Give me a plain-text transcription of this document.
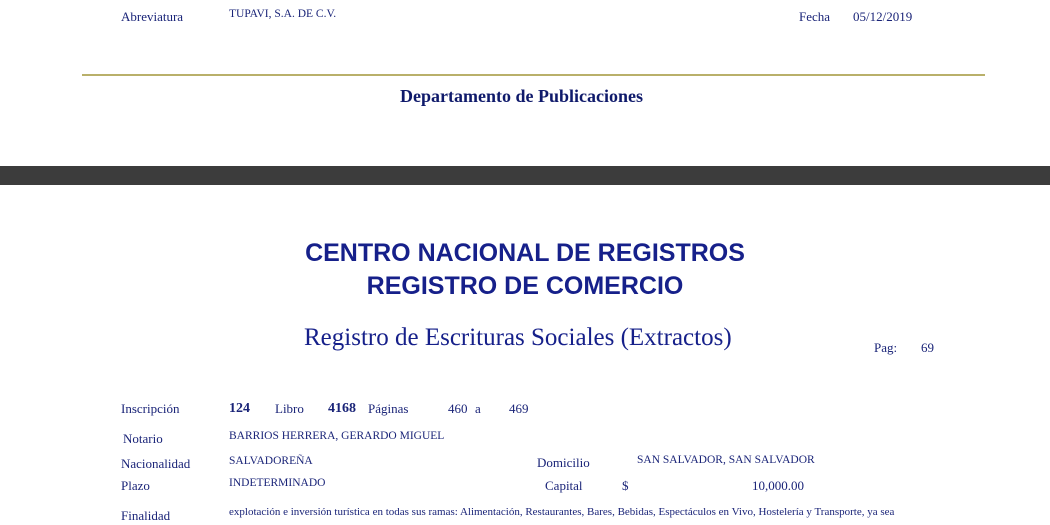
Abreviatura	TUPAVI, S.A. DE C.V.	Fecha 05/12/2019
Departamento de Publicaciones
CENTRO NACIONAL DE REGISTROS
REGISTRO DE COMERCIO
Registro de Escrituras Sociales (Extractos)	Pag: 69
Inscripción	124 Libro 4168 Páginas	460 a 469
Notario	BARRIOS HERRERA, GERARDO MIGUEL
Nacionalidad	SALVADOREÑA	Domicilio	SAN SALVADOR, SAN SALVADOR
Plazo	INDETERMINADO	Capital	$	10,000.00
Finalidad	explotación e inversión turística en todas sus ramas: Alimentación, Restaurantes, Bares, Bebidas, Espectáculos en Vivo, Hostelería y Transporte, ya sea
